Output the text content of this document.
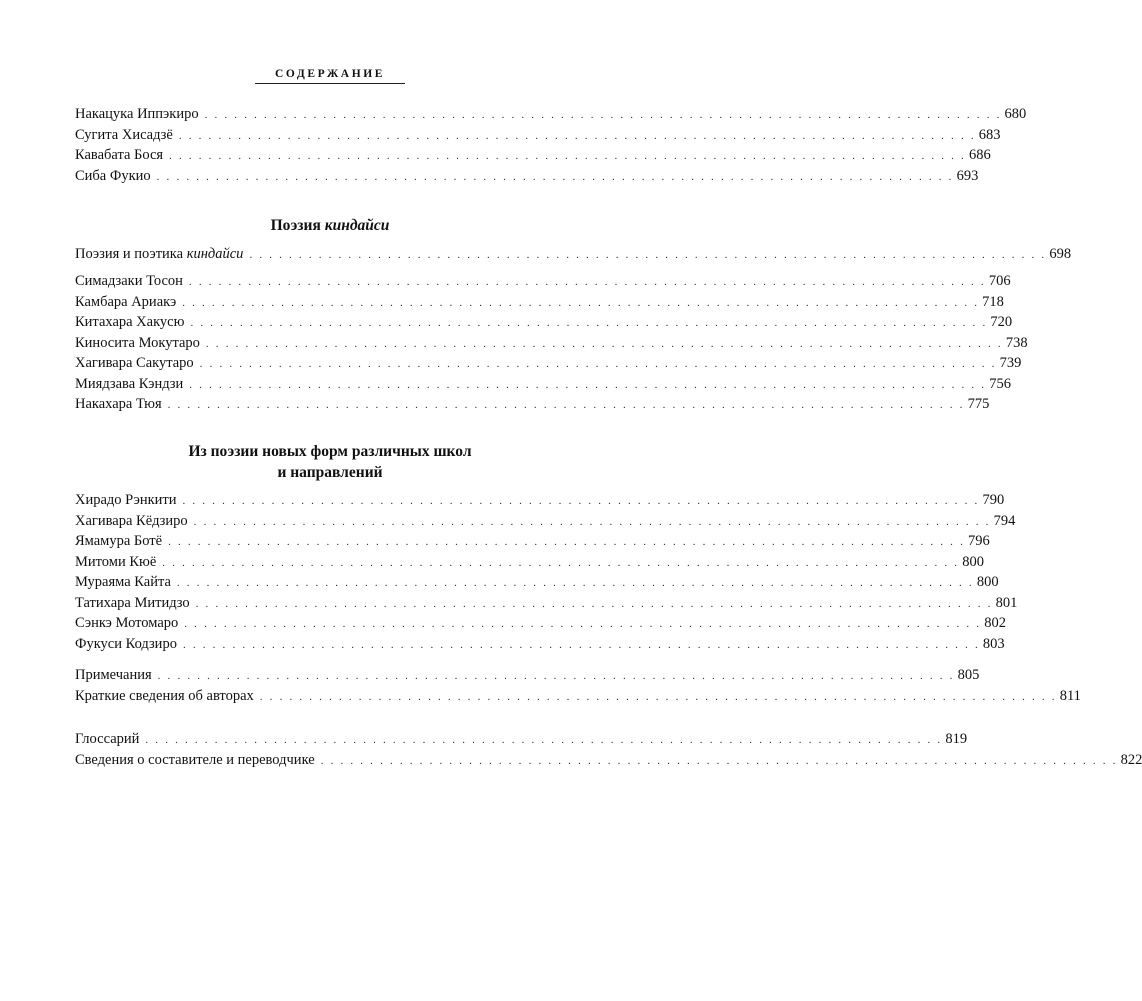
СОДЕРЖАНИЕ
Накацука Иппэкиро . . . . . . . . . . . . . . . . . . . . . . . . . . . . . . . . . . . . . . . . . . . . . . . . . . . . . . . . . . . . . . . . . . . . . . . . . . . . . . . . . 680
Сугита Хисадзё . . . . . . . . . . . . . . . . . . . . . . . . . . . . . . . . . . . . . . . . . . . . . . . . . . . . . . . . . . . . . . . . . . . . . . . . . . . . . . . . . 683
Кавабата Бося . . . . . . . . . . . . . . . . . . . . . . . . . . . . . . . . . . . . . . . . . . . . . . . . . . . . . . . . . . . . . . . . . . . . . . . . . . . . . . . . . 686
Сиба Фукио . . . . . . . . . . . . . . . . . . . . . . . . . . . . . . . . . . . . . . . . . . . . . . . . . . . . . . . . . . . . . . . . . . . . . . . . . . . . . . . . . 693
Поэзия киндайси
Поэзия и поэтика киндайси . . . . . . . . . . . . . . . . . . . . . . . . . . . . . . . . . . . . . . . . . . . . . . . . . . . . . . . . . . . . . . . . . . . . . . . . . . . . . . . . . 698
Симадзаки Тосон . . . . . . . . . . . . . . . . . . . . . . . . . . . . . . . . . . . . . . . . . . . . . . . . . . . . . . . . . . . . . . . . . . . . . . . . . . . . . . . . . 706
Камбара Ариакэ . . . . . . . . . . . . . . . . . . . . . . . . . . . . . . . . . . . . . . . . . . . . . . . . . . . . . . . . . . . . . . . . . . . . . . . . . . . . . . . . . 718
Китахара Хакусю . . . . . . . . . . . . . . . . . . . . . . . . . . . . . . . . . . . . . . . . . . . . . . . . . . . . . . . . . . . . . . . . . . . . . . . . . . . . . . . . . 720
Киносита Мокутаро . . . . . . . . . . . . . . . . . . . . . . . . . . . . . . . . . . . . . . . . . . . . . . . . . . . . . . . . . . . . . . . . . . . . . . . . . . . . . . . . . 738
Хагивара Сакутаро . . . . . . . . . . . . . . . . . . . . . . . . . . . . . . . . . . . . . . . . . . . . . . . . . . . . . . . . . . . . . . . . . . . . . . . . . . . . . . . . . 739
Миядзава Кэндзи . . . . . . . . . . . . . . . . . . . . . . . . . . . . . . . . . . . . . . . . . . . . . . . . . . . . . . . . . . . . . . . . . . . . . . . . . . . . . . . . . 756
Накахара Тюя . . . . . . . . . . . . . . . . . . . . . . . . . . . . . . . . . . . . . . . . . . . . . . . . . . . . . . . . . . . . . . . . . . . . . . . . . . . . . . . . . 775
Из поэзии новых форм различных школ
и направлений
Хирадо Рэнкити . . . . . . . . . . . . . . . . . . . . . . . . . . . . . . . . . . . . . . . . . . . . . . . . . . . . . . . . . . . . . . . . . . . . . . . . . . . . . . . . . 790
Хагивара Кёдзиро . . . . . . . . . . . . . . . . . . . . . . . . . . . . . . . . . . . . . . . . . . . . . . . . . . . . . . . . . . . . . . . . . . . . . . . . . . . . . . . . . 794
Ямамура Ботё . . . . . . . . . . . . . . . . . . . . . . . . . . . . . . . . . . . . . . . . . . . . . . . . . . . . . . . . . . . . . . . . . . . . . . . . . . . . . . . . . 796
Митоми Кюё . . . . . . . . . . . . . . . . . . . . . . . . . . . . . . . . . . . . . . . . . . . . . . . . . . . . . . . . . . . . . . . . . . . . . . . . . . . . . . . . . 800
Мураяма Кайта . . . . . . . . . . . . . . . . . . . . . . . . . . . . . . . . . . . . . . . . . . . . . . . . . . . . . . . . . . . . . . . . . . . . . . . . . . . . . . . . . 800
Татихара Митидзо . . . . . . . . . . . . . . . . . . . . . . . . . . . . . . . . . . . . . . . . . . . . . . . . . . . . . . . . . . . . . . . . . . . . . . . . . . . . . . . . . 801
Сэнкэ Мотомаро . . . . . . . . . . . . . . . . . . . . . . . . . . . . . . . . . . . . . . . . . . . . . . . . . . . . . . . . . . . . . . . . . . . . . . . . . . . . . . . . . 802
Фукуси Кодзиро . . . . . . . . . . . . . . . . . . . . . . . . . . . . . . . . . . . . . . . . . . . . . . . . . . . . . . . . . . . . . . . . . . . . . . . . . . . . . . . . . 803
Примечания . . . . . . . . . . . . . . . . . . . . . . . . . . . . . . . . . . . . . . . . . . . . . . . . . . . . . . . . . . . . . . . . . . . . . . . . . . . . . . . . . 805
Краткие сведения об авторах . . . . . . . . . . . . . . . . . . . . . . . . . . . . . . . . . . . . . . . . . . . . . . . . . . . . . . . . . . . . . . . . . . . . . . . . . . . . . . . . . 811
Глоссарий . . . . . . . . . . . . . . . . . . . . . . . . . . . . . . . . . . . . . . . . . . . . . . . . . . . . . . . . . . . . . . . . . . . . . . . . . . . . . . . . . 819
Сведения о составителе и переводчике . . . . . . . . . . . . . . . . . . . . . . . . . . . . . . . . . . . . . . . . . . . . . . . . . . . . . . . . . . . . . . . . . . . . . . . . . . . . . . . . . 822
